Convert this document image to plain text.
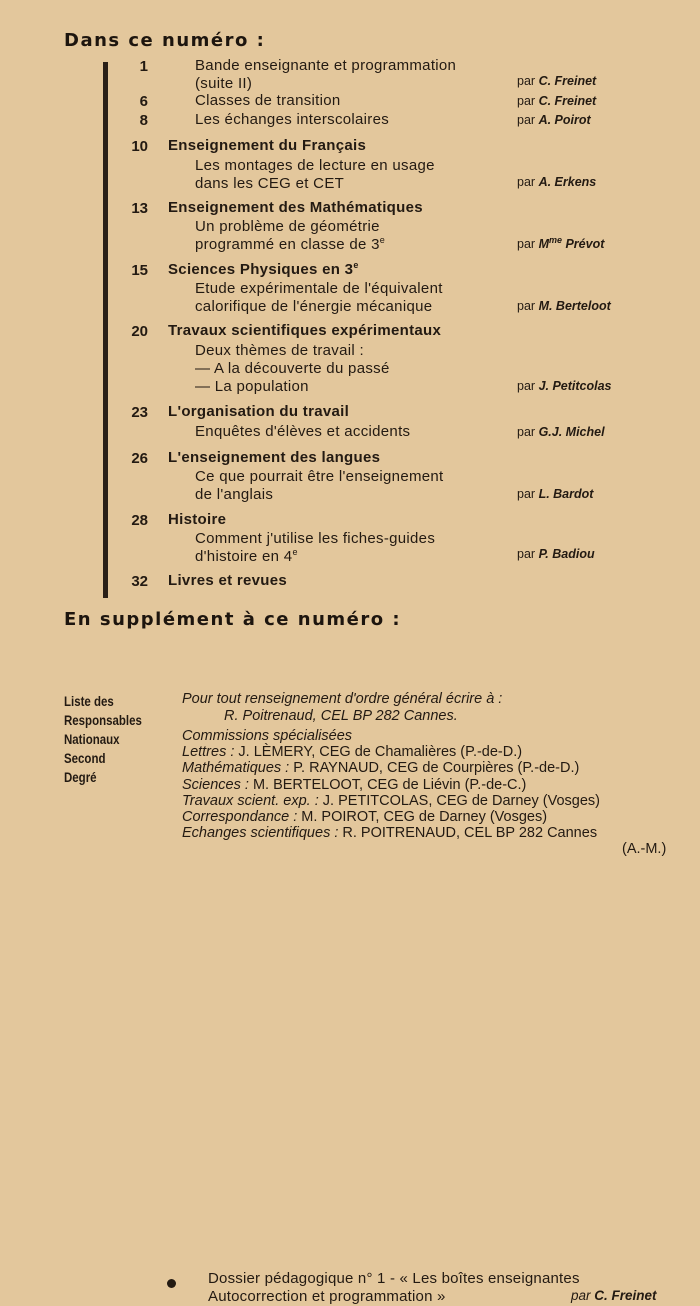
Dans ce numéro :
1	Bande enseignante et programmation
(suite II)	par C. Freinet
6	Classes de transition	par C. Freinet
8	Les échanges interscolaires	par A. Poirot
10 Enseignement du Français
Les montages de lecture en usage
dans les CEG et CET	par A. Erkens
13 Enseignement des Mathématiques
Un problème de géométrie
programmé en classe de 3e	par $M^{me}$ Prévot
15 Sciences Physiques en 3e
Etude expérimentale de l'équivalent
calorifique de l'énergie mécanique	par M. Berteloot
20 Travaux scientifiques expérimentaux
Deux thèmes de travail :
— A la découverte du passé
— La population	par J. Petitcolas
23 L'organisation du travail
Enquêtes d'élèves et accidents	par G.J. Michel
26 L'enseignement des langues
Ce que pourrait être l'enseignement
de l'anglais	par L. Bardot
28 Histoire
Comment j'utilise les fiches-guides
d'histoire en 4e	par P. Badiou
32 Livres et revues
En supplément à ce numéro :
Dossier pédagogique n° 1 - « Les boîtes enseignantes
Autocorrection et programmation »	par C. Freinet
Liste des
Responsables
Nationaux
Second
Degré
Pour tout renseignement d'ordre général écrire à :
R. Poitrenaud, CEL BP 282 Cannes.
Commissions spécialisées
Lettres : J. LÈMERY, CEG de Chamalières (P.-de-D.)
Mathématiques : P. RAYNAUD, CEG de Courpières (P.-de-D.)
Sciences : M. BERTELOOT, CEG de Liévin (P.-de-C.)
Travaux scient. exp. : J. PETITCOLAS, CEG de Darney (Vosges)
Correspondance : M. POIROT, CEG de Darney (Vosges)
Echanges scientifiques : R. POITRENAUD, CEL BP 282 Cannes
(A.-M.)
